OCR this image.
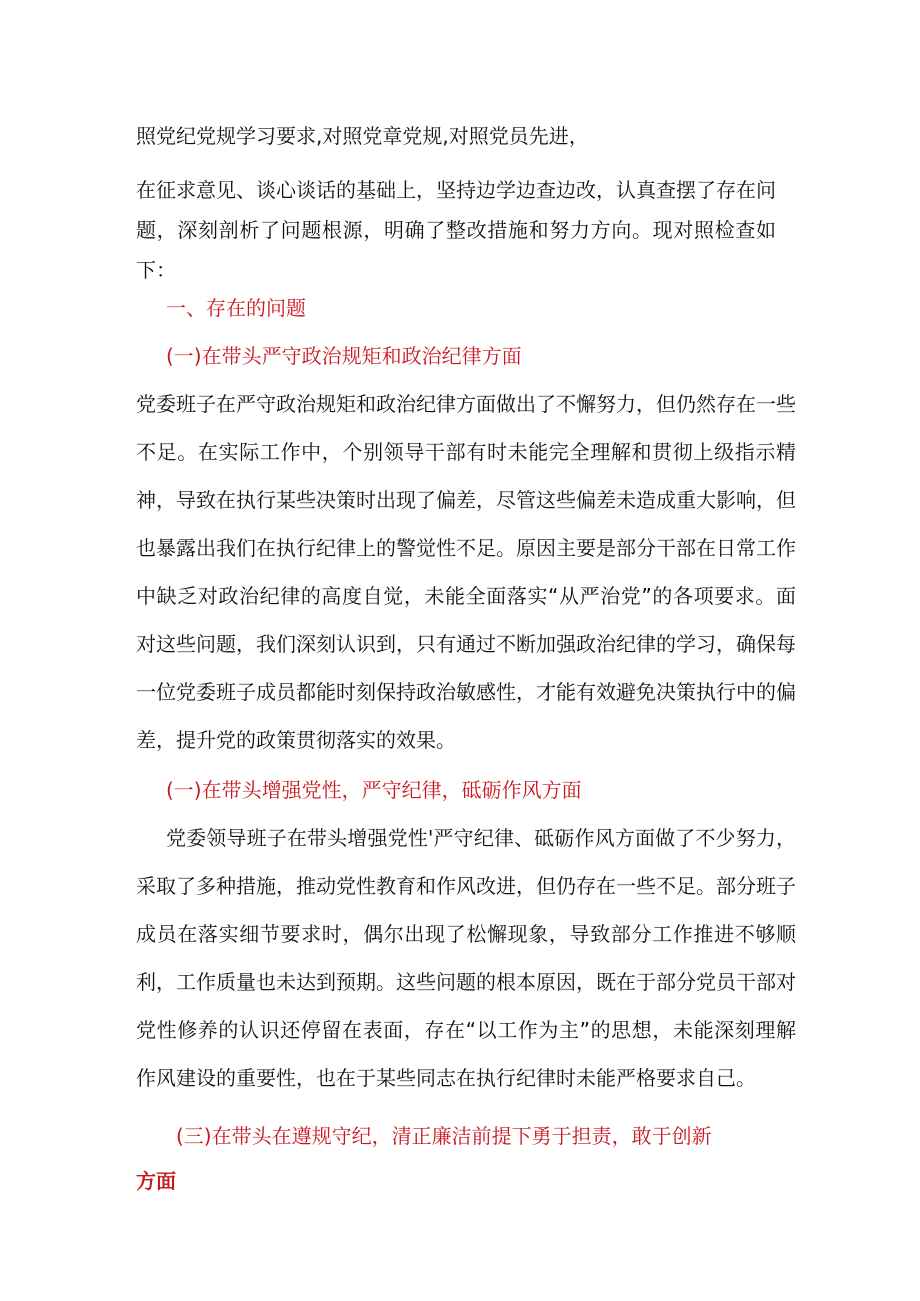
照党纪党规学习要求,对照党章党规,对照党员先进，
在征求意见、谈心谈话的基础上，坚持边学边查边改，认真查摆了存在问题，深刻剖析了问题根源，明确了整改措施和努力方向。现对照检查如下：
一、存在的问题
(一)在带头严守政治规矩和政治纪律方面
党委班子在严守政治规矩和政治纪律方面做出了不懈努力，但仍然存在一些不足。在实际工作中，个别领导干部有时未能完全理解和贯彻上级指示精神，导致在执行某些决策时出现了偏差，尽管这些偏差未造成重大影响，但也暴露出我们在执行纪律上的警觉性不足。原因主要是部分干部在日常工作中缺乏对政治纪律的高度自觉，未能全面落实“从严治党”的各项要求。面对这些问题，我们深刻认识到，只有通过不断加强政治纪律的学习，确保每一位党委班子成员都能时刻保持政治敏感性，才能有效避免决策执行中的偏差，提升党的政策贯彻落实的效果。
(一)在带头增强党性，严守纪律，砥砺作风方面
党委领导班子在带头增强党性'严守纪律、砥砺作风方面做了不少努力，采取了多种措施，推动党性教育和作风改进，但仍存在一些不足。部分班子成员在落实细节要求时，偶尔出现了松懈现象，导致部分工作推进不够顺利，工作质量也未达到预期。这些问题的根本原因，既在于部分党员干部对党性修养的认识还停留在表面，存在“以工作为主”的思想，未能深刻理解作风建设的重要性，也在于某些同志在执行纪律时未能严格要求自己。
(三)在带头在遵规守纪，清正廉洁前提下勇于担责，敢于创新
方面
